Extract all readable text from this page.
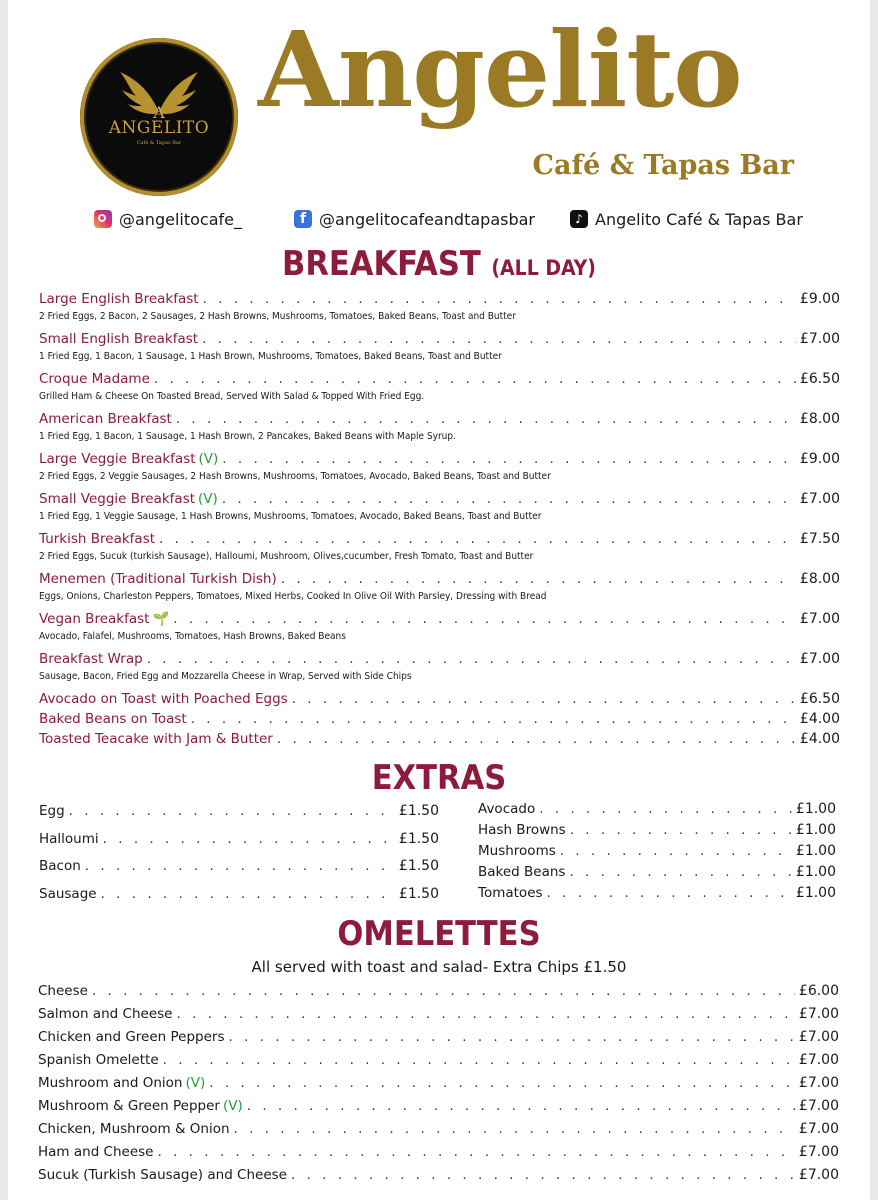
A
ANGELITO
Café & Tapas Bar
Angelito
Café & Tapas Bar
@angelitocafe_	f @angelitocafeandtapasbar	♪ Angelito Café & Tapas Bar
BREAKFAST (ALL DAY)
Large English Breakfast . . .	£9.00
2 Fried Eggs, 2 Bacon, 2 Sausages, 2 Hash Browns, Mushrooms, Tomatoes, Baked Beans, Toast and Butter
Small English Breakfast . . .	£7.00
1 Fried Egg, 1 Bacon, 1 Sausage, 1 Hash Brown, Mushrooms, Tomatoes, Baked Beans, Toast and Butter
Croque Madame . . .	£6.50
Grilled Ham & Cheese On Toasted Bread, Served With Salad & Topped With Fried Egg.
American Breakfast . . .	£8.00
1 Fried Egg, 1 Bacon, 1 Sausage, 1 Hash Brown, 2 Pancakes, Baked Beans with Maple Syrup.
Large Veggie Breakfast (V) . . .	£9.00
2 Fried Eggs, 2 Veggie Sausages, 2 Hash Browns, Mushrooms, Tomatoes, Avocado, Baked Beans, Toast and Butter
Small Veggie Breakfast (V) . . .	£7.00
1 Fried Egg, 1 Veggie Sausage, 1 Hash Browns, Mushrooms, Tomatoes, Avocado, Baked Beans, Toast and Butter
Turkish Breakfast . . .	£7.50
2 Fried Eggs, Sucuk (turkish Sausage), Halloumi, Mushroom, Olives,cucumber, Fresh Tomato, Toast and Butter
Menemen (Traditional Turkish Dish) . . .	£8.00
Eggs, Onions, Charleston Peppers, Tomatoes, Mixed Herbs, Cooked In Olive Oil With Parsley, Dressing with Bread
Vegan Breakfast 🌱 . . .	£7.00
Avocado, Falafel, Mushrooms, Tomatoes, Hash Browns, Baked Beans
Breakfast Wrap . . .	£7.00
Sausage, Bacon, Fried Egg and Mozzarella Cheese in Wrap, Served with Side Chips
Avocado on Toast with Poached Eggs . . .	£6.50
Baked Beans on Toast . . .	£4.00
Toasted Teacake with Jam & Butter . . .	£4.00
EXTRAS
Egg . . .	£1.50
Halloumi . . .	£1.50
Bacon . . .	£1.50
Sausage . . .	£1.50
Avocado . . .	£1.00
Hash Browns . . .	£1.00
Mushrooms . . .	£1.00
Baked Beans . . .	£1.00
Tomatoes . . .	£1.00
OMELETTES
All served with toast and salad- Extra Chips £1.50
Cheese . . .	£6.00
Salmon and Cheese . . .	£7.00
Chicken and Green Peppers . . .	£7.00
Spanish Omelette . . .	£7.00
Mushroom and Onion (V) . . .	£7.00
Mushroom & Green Pepper (V) . . .	£7.00
Chicken, Mushroom & Onion . . .	£7.00
Ham and Cheese . . .	£7.00
Sucuk (Turkish Sausage) and Cheese . . .	£7.00
